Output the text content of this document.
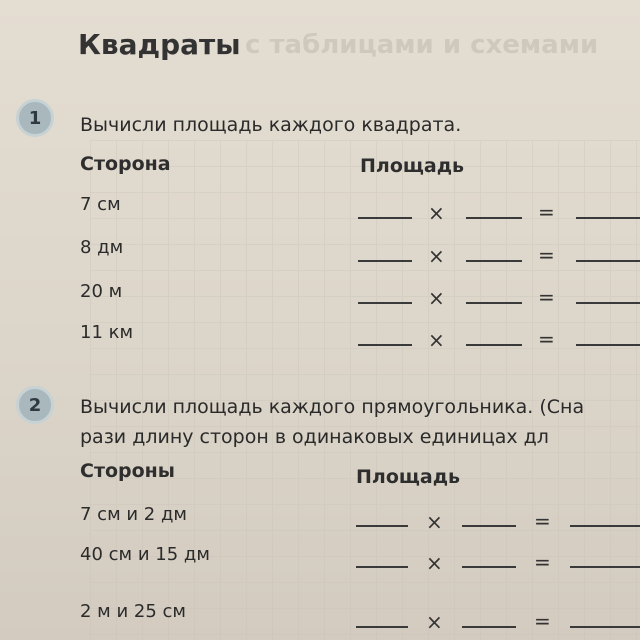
с таблицами и схемами
Квадраты
1	Вычисли площадь каждого квадрата.
Сторона	Площадь
7 см	×	=
8 дм	×	=
20 м	×	=
11 км	×	=
2	Вычисли площадь каждого прямоугольника. (Сна
рази длину сторон в одинаковых единицах дл
Стороны	Площадь
7 см и 2 дм	×	=
40 см и 15 дм	×	=
2 м и 25 см	×	=
